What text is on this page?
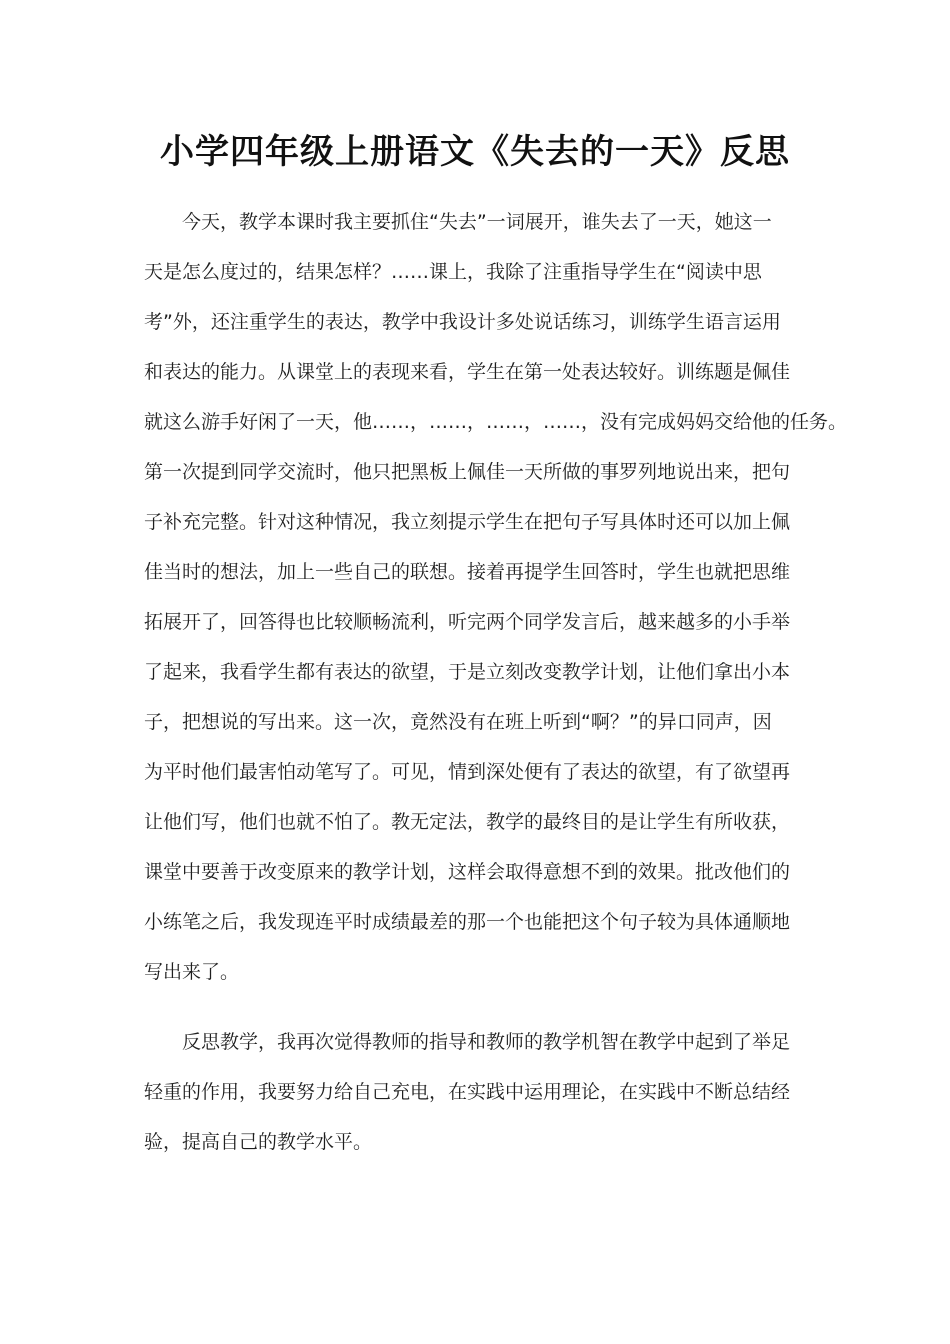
小学四年级上册语文《失去的一天》反思
今天，教学本课时我主要抓住“失去”一词展开，谁失去了一天，她这一
天是怎么度过的，结果怎样？……课上，我除了注重指导学生在“阅读中思
考”外，还注重学生的表达，教学中我设计多处说话练习，训练学生语言运用
和表达的能力。从课堂上的表现来看，学生在第一处表达较好。训练题是佩佳
就这么游手好闲了一天，他……，……，……，……，没有完成妈妈交给他的任务。
第一次提到同学交流时，他只把黑板上佩佳一天所做的事罗列地说出来，把句
子补充完整。针对这种情况，我立刻提示学生在把句子写具体时还可以加上佩
佳当时的想法，加上一些自己的联想。接着再提学生回答时，学生也就把思维
拓展开了，回答得也比较顺畅流利，听完两个同学发言后，越来越多的小手举
了起来，我看学生都有表达的欲望，于是立刻改变教学计划，让他们拿出小本
子，把想说的写出来。这一次，竟然没有在班上听到“啊？”的异口同声，因
为平时他们最害怕动笔写了。可见，情到深处便有了表达的欲望，有了欲望再
让他们写，他们也就不怕了。教无定法，教学的最终目的是让学生有所收获，
课堂中要善于改变原来的教学计划，这样会取得意想不到的效果。批改他们的
小练笔之后，我发现连平时成绩最差的那一个也能把这个句子较为具体通顺地
写出来了。
反思教学，我再次觉得教师的指导和教师的教学机智在教学中起到了举足
轻重的作用，我要努力给自己充电，在实践中运用理论，在实践中不断总结经
验，提高自己的教学水平。
